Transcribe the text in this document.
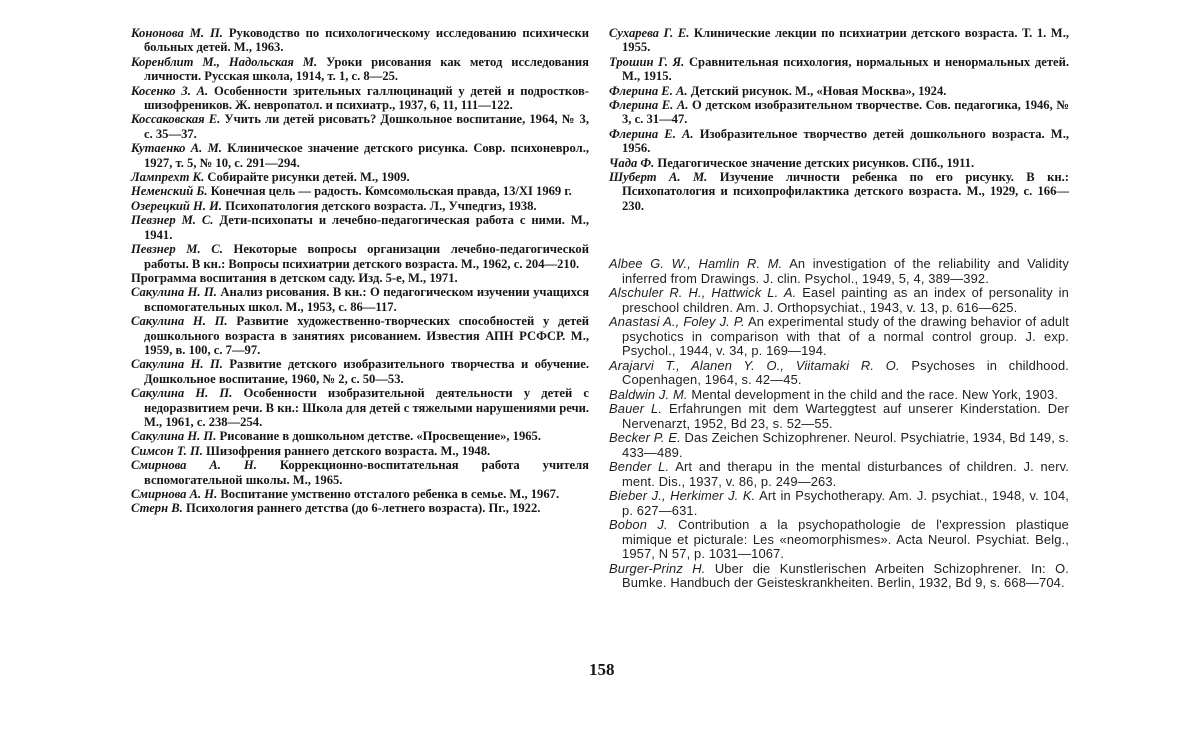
Кононова М. П. Руководство по психологическому исследованию психически больных детей. М., 1963.

Коренблит М., Надольская М. Уроки рисования как метод исследования личности. Русская школа, 1914, т. 1, с. 8—25.

Косенко З. А. Особенности зрительных галлюцинаций у детей и подростков-шизофреников. Ж. невропатол. и психиатр., 1937, 6, 11, 111—122.

Коссаковская Е. Учить ли детей рисовать? Дошкольное воспитание, 1964, № 3, с. 35—37.

Кутаенко А. М. Клиническое значение детского рисунка. Совр. психоневрол., 1927, т. 5, № 10, с. 291—294.

Лампрехт К. Собирайте рисунки детей. М., 1909.

Неменский Б. Конечная цель — радость. Комсомольская правда, 13/XI 1969 г.

Озерецкий Н. И. Психопатология детского возраста. Л., Учпедгиз, 1938.

Певзнер М. С. Дети-психопаты и лечебно-педагогическая работа с ними. М., 1941.

Певзнер М. С. Некоторые вопросы организации лечебно-педагогической работы. В кн.: Вопросы психиатрии детского возраста. М., 1962, с. 204—210.

Программа воспитания в детском саду. Изд. 5-е, М., 1971.

Сакулина Н. П. Анализ рисования. В кн.: О педагогическом изучении учащихся вспомогательных школ. М., 1953, с. 86—117.

Сакулина Н. П. Развитие художественно-творческих способностей у детей дошкольного возраста в занятиях рисованием. Известия АПН РСФСР. М., 1959, в. 100, с. 7—97.

Сакулина Н. П. Развитие детского изобразительного творчества и обучение. Дошкольное воспитание, 1960, № 2, с. 50—53.

Сакулина Н. П. Особенности изобразительной деятельности у детей с недоразвитием речи. В кн.: Школа для детей с тяжелыми нарушениями речи. М., 1961, с. 238—254.

Сакулина Н. П. Рисование в дошкольном детстве. «Просвещение», 1965.

Симсон Т. П. Шизофрения раннего детского возраста. М., 1948.

Смирнова А. Н. Коррекционно-воспитательная работа учителя вспомогательной школы. М., 1965.

Смирнова А. Н. Воспитание умственно отсталого ребенка в семье. М., 1967.

Стерн В. Психология раннего детства (до 6-летнего возраста). Пг., 1922.

Сухарева Г. Е. Клинические лекции по психиатрии детского возраста. Т. 1. М., 1955.

Трошин Г. Я. Сравнительная психология, нормальных и ненормальных детей. М., 1915.

Флерина Е. А. Детский рисунок. М., «Новая Москва», 1924.

Флерина Е. А. О детском изобразительном творчестве. Сов. педагогика, 1946, № 3, с. 31—47.

Флерина Е. А. Изобразительное творчество детей дошкольного возраста. М., 1956.

Чада Ф. Педагогическое значение детских рисунков. СПб., 1911.

Шуберт А. М. Изучение личности ребенка по его рисунку. В кн.: Психопатология и психопрофилактика детского возраста. М., 1929, с. 166—230.

Albee G. W., Hamlin R. M. An investigation of the reliability and Validity inferred from Drawings. J. clin. Psychol., 1949, 5, 4, 389—392.

Alschuler R. H., Hattwick L. A. Easel painting as an index of personality in preschool children. Am. J. Orthopsychiat., 1943, v. 13, p. 616—625.

Anastasi A., Foley J. P. An experimental study of the drawing behavior of adult psychotics in comparison with that of a normal control group. J. exp. Psychol., 1944, v. 34, p. 169—194.

Arajarvi T., Alanen Y. O., Viitamaki R. O. Psychoses in childhood. Copenhagen, 1964, s. 42—45.

Baldwin J. M. Mental development in the child and the race. New York, 1903.

Bauer L. Erfahrungen mit dem Warteggtest auf unserer Kinderstation. Der Nervenarzt, 1952, Bd 23, s. 52—55.

Becker P. E. Das Zeichen Schizophrener. Neurol. Psychiatrie, 1934, Bd 149, s. 433—489.

Bender L. Art and therapu in the mental disturbances of children. J. nerv. ment. Dis., 1937, v. 86, p. 249—263.

Bieber J., Herkimer J. K. Art in Psychotherapy. Am. J. psychiat., 1948, v. 104, p. 627—631.

Bobon J. Contribution a la psychopathologie de l'expression plastique mimique et picturale: Les «neomorphismes». Acta Neurol. Psychiat. Belg., 1957, N 57, p. 1031—1067.

Burger-Prinz H. Uber die Kunstlerischen Arbeiten Schizophrener. In: O. Bumke. Handbuch der Geisteskrankheiten. Berlin, 1932, Bd 9, s. 668—704.

158
